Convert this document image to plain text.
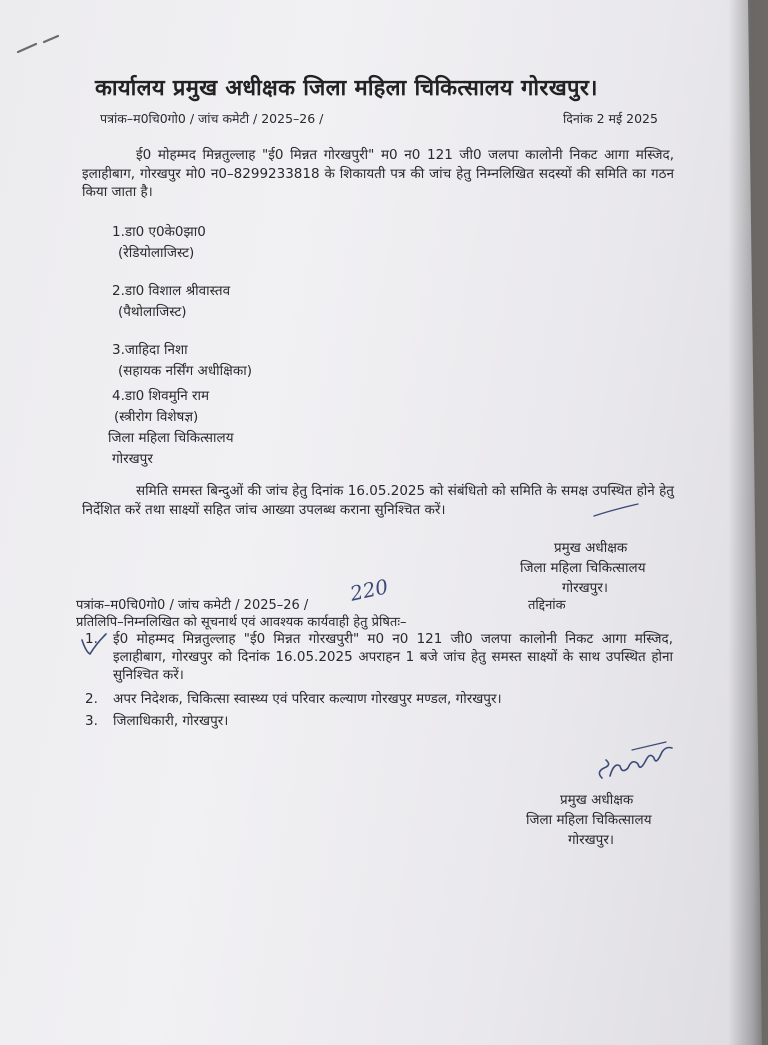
कार्यालय प्रमुख अधीक्षक जिला महिला चिकित्सालय गोरखपुर।
पत्रांक–म0चि0गो0 / जांच कमेटी / 2025–26 /	दिनांक 2 मई 2025
ई0 मोहम्मद मिन्नतुल्लाह "ई0 मिन्नत गोरखपुरी" म0 न0 121 जी0 जलपा कालोनी निकट आगा मस्जिद, इलाहीबाग, गोरखपुर मो0 न0–8299233818 के शिकायती पत्र की जांच हेतु निम्नलिखित सदस्यों की समिति का गठन किया जाता है।
1.डा0 ए0के0झा0
(रेडियोलाजिस्ट)
2.डा0 विशाल श्रीवास्तव
(पैथोलाजिस्ट)
3.जाहिदा निशा
(सहायक नर्सिंग अधीक्षिका)
4.डा0 शिवमुनि राम
(स्त्रीरोग विशेषज्ञ)
जिला महिला चिकित्सालय
गोरखपुर
समिति समस्त बिन्दुओं की जांच हेतु दिनांक 16.05.2025 को संबंधितो को समिति के समक्ष उपस्थित होने हेतु निर्देशित करें तथा साक्ष्यों सहित जांच आख्या उपलब्ध कराना सुनिश्चित करें।
प्रमुख अधीक्षक
जिला महिला चिकित्सालय
गोरखपुर।
पत्रांक–म0चि0गो0 / जांच कमेटी / 2025–26 / 220	तद्दिनांक
प्रतिलिपि–निम्नलिखित को सूचनार्थ एवं आवश्यक कार्यवाही हेतु प्रेषितः–
1.	ई0 मोहम्मद मिन्नतुल्लाह "ई0 मिन्नत गोरखपुरी" म0 न0 121 जी0 जलपा कालोनी निकट आगा मस्जिद, इलाहीबाग, गोरखपुर को दिनांक 16.05.2025 अपराहन 1 बजे जांच हेतु समस्त साक्ष्यों के साथ उपस्थित होना सुनिश्चित करें।
2.	अपर निदेशक, चिकित्सा स्वास्थ्य एवं परिवार कल्याण गोरखपुर मण्डल, गोरखपुर।
3.	जिलाधिकारी, गोरखपुर।
प्रमुख अधीक्षक
जिला महिला चिकित्सालय
गोरखपुर।
